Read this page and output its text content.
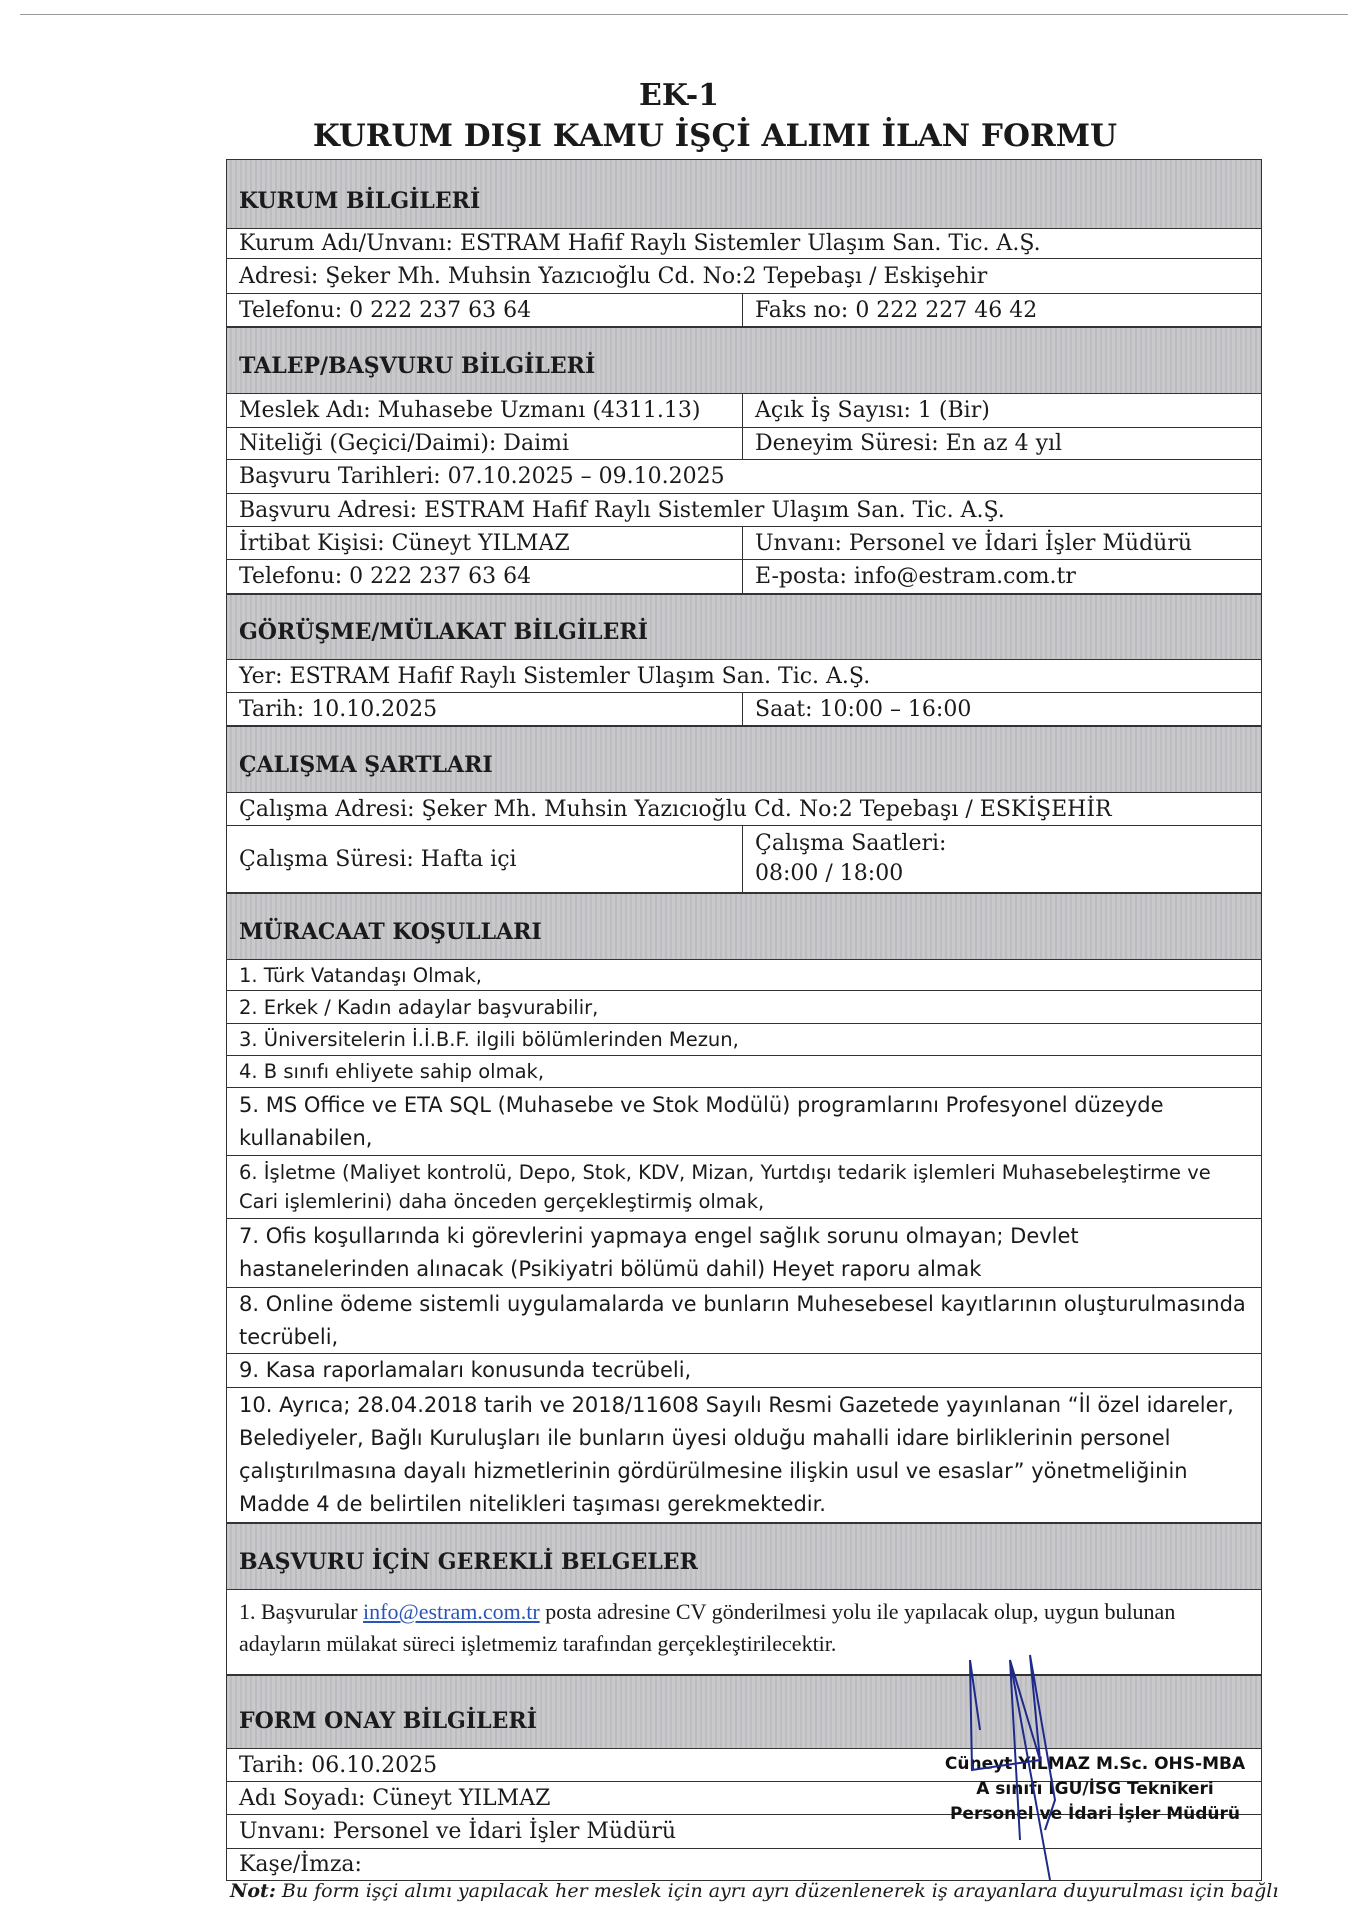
EK-1
KURUM DIŞI KAMU İŞÇİ ALIMI İLAN FORMU
KURUM BİLGİLERİ
Kurum Adı/Unvanı: ESTRAM Hafif Raylı Sistemler Ulaşım San. Tic. A.Ş.
Adresi: Şeker Mh. Muhsin Yazıcıoğlu Cd. No:2 Tepebaşı / Eskişehir
Telefonu: 0 222 237 63 64	Faks no: 0 222 227 46 42
TALEP/BAŞVURU BİLGİLERİ
Meslek Adı: Muhasebe Uzmanı (4311.13)	Açık İş Sayısı: 1 (Bir)
Niteliği (Geçici/Daimi): Daimi	Deneyim Süresi: En az 4 yıl
Başvuru Tarihleri: 07.10.2025 – 09.10.2025
Başvuru Adresi: ESTRAM Hafif Raylı Sistemler Ulaşım San. Tic. A.Ş.
İrtibat Kişisi: Cüneyt YILMAZ	Unvanı: Personel ve İdari İşler Müdürü
Telefonu: 0 222 237 63 64	E-posta: info@estram.com.tr
GÖRÜŞME/MÜLAKAT BİLGİLERİ
Yer: ESTRAM Hafif Raylı Sistemler Ulaşım San. Tic. A.Ş.
Tarih: 10.10.2025	Saat: 10:00 – 16:00
ÇALIŞMA ŞARTLARI
Çalışma Adresi: Şeker Mh. Muhsin Yazıcıoğlu Cd. No:2 Tepebaşı / ESKİŞEHİR
Çalışma Süresi: Hafta içi
Çalışma Saatleri:
08:00 / 18:00
MÜRACAAT KOŞULLARI
1. Türk Vatandaşı Olmak,
2. Erkek / Kadın adaylar başvurabilir,
3. Üniversitelerin İ.İ.B.F. ilgili bölümlerinden Mezun,
4. B sınıfı ehliyete sahip olmak,
5. MS Office ve ETA SQL (Muhasebe ve Stok Modülü) programlarını Profesyonel düzeyde kullanabilen,
6. İşletme (Maliyet kontrolü, Depo, Stok, KDV, Mizan, Yurtdışı tedarik işlemleri Muhasebeleştirme ve Cari işlemlerini) daha önceden gerçekleştirmiş olmak,
7. Ofis koşullarında ki görevlerini yapmaya engel sağlık sorunu olmayan; Devlet hastanelerinden alınacak (Psikiyatri bölümü dahil) Heyet raporu almak
8. Online ödeme sistemli uygulamalarda ve bunların Muhesebesel kayıtlarının oluşturulmasında tecrübeli,
9. Kasa raporlamaları konusunda tecrübeli,
10. Ayrıca; 28.04.2018 tarih ve 2018/11608 Sayılı Resmi Gazetede yayınlanan “İl özel idareler, Belediyeler, Bağlı Kuruluşları ile bunların üyesi olduğu mahalli idare birliklerinin personel çalıştırılmasına dayalı hizmetlerinin gördürülmesine ilişkin usul ve esaslar” yönetmeliğinin Madde 4 de belirtilen nitelikleri taşıması gerekmektedir.
BAŞVURU İÇİN GEREKLİ BELGELER
1. Başvurular info@estram.com.tr posta adresine CV gönderilmesi yolu ile yapılacak olup, uygun bulunan adayların mülakat süreci işletmemiz tarafından gerçekleştirilecektir.
FORM ONAY BİLGİLERİ
Tarih: 06.10.2025
Adı Soyadı: Cüneyt YILMAZ
Unvanı: Personel ve İdari İşler Müdürü
Kaşe/İmza:
Cüneyt YILMAZ M.Sc. OHS-MBA
A sınıfı İGU/İSG Teknikeri
Personel ve İdari İşler Müdürü
Not: Bu form işçi alımı yapılacak her meslek için ayrı ayrı düzenlenerek iş arayanlara duyurulması için bağlı
